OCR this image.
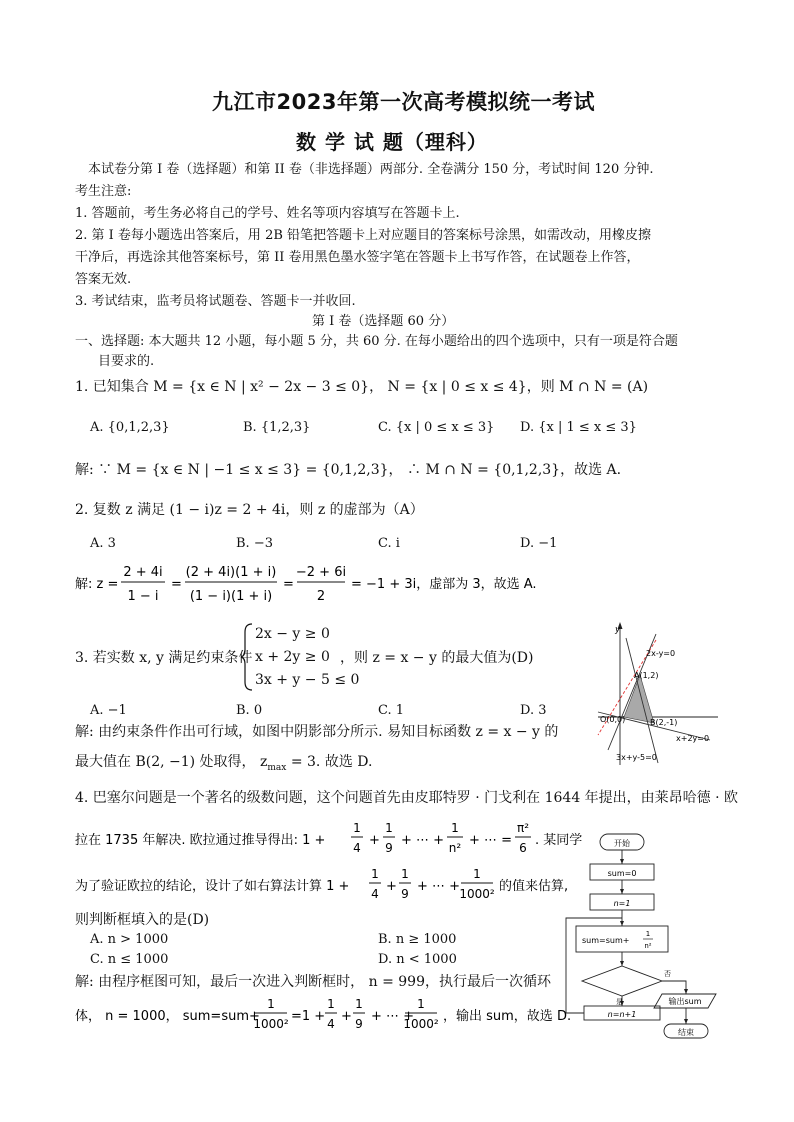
九江市2023年第一次高考模拟统一考试
数 学 试 题（理科）
本试卷分第 I 卷（选择题）和第 II 卷（非选择题）两部分. 全卷满分 150 分，考试时间 120 分钟.
考生注意:
1. 答题前，考生务必将自己的学号、姓名等项内容填写在答题卡上.
2. 第 I 卷每小题选出答案后，用 2B 铅笔把答题卡上对应题目的答案标号涂黑，如需改动，用橡皮擦
干净后，再选涂其他答案标号，第 II 卷用黑色墨水签字笔在答题卡上书写作答，在试题卷上作答，
答案无效.
3. 考试结束，监考员将试题卷、答题卡一并收回.
第 I 卷（选择题 60 分）
一、选择题: 本大题共 12 小题，每小题 5 分，共 60 分. 在每小题给出的四个选项中，只有一项是符合题
目要求的.
1. 已知集合 M = {x ∈ N | x² − 2x − 3 ≤ 0}， N = {x | 0 ≤ x ≤ 4}，则 M ∩ N = (A)
A. {0,1,2,3}	B. {1,2,3}	C. {x | 0 ≤ x ≤ 3} D. {x | 1 ≤ x ≤ 3}
解: ∵ M = {x ∈ N | −1 ≤ x ≤ 3} = {0,1,2,3}， ∴ M ∩ N = {0,1,2,3}，故选 A.
2. 复数 z 满足 (1 − i)z = 2 + 4i，则 z 的虚部为（A）
A. 3	B. −3	C. i	D. −1
解: z =
2 + 4i
1 − i
=
(2 + 4i)(1 + i)
(1 − i)(1 + i)
=
−2 + 6i
2
= −1 + 3i，虚部为 3，故选 A.
3. 若实数 x, y 满足约束条件
2x − y ≥ 0
x + 2y ≥ 0
3x + y − 5 ≤ 0
，则 z = x − y 的最大值为(D)
A. −1	B. 0	C. 1	D. 3
解: 由约束条件作出可行域，如图中阴影部分所示. 易知目标函数 z = x − y 的
最大值在 B(2, −1) 处取得， $z_{max} = 3$. 故选 D.
y
2x-y=0
A(1,2)
O(0,0)	B(2,-1)
x+2y=0
3x+y-5=0
4. 巴塞尔问题是一个著名的级数问题，这个问题首先由皮耶特罗 · 门戈利在 1644 年提出，由莱昂哈德 · 欧
拉在 1735 年解决. 欧拉通过推导得出: 1 +
1
4 +
1
9 + ⋯ +
1
n² + ⋯ =
π²
6 . 某同学
为了验证欧拉的结论，设计了如右算法计算 1 +
1
4 +
1
9 + ⋯ +
1
1000² 的值来估算,
则判断框填入的是(D)
A. n > 1000	B. n ≥ 1000
C. n ≤ 1000	D. n < 1000
解: 由程序框图可知，最后一次进入判断框时， n = 999，执行最后一次循环
体， n = 1000， sum=sum+
1
1000² =1 +
1
4 +
1
9 + ⋯ +
1
1000² ，输出 sum，故选 D.
开始
sum=0
n=1
sum=sum+
1
n²
是
否
n=n+1
输出sum
结束
